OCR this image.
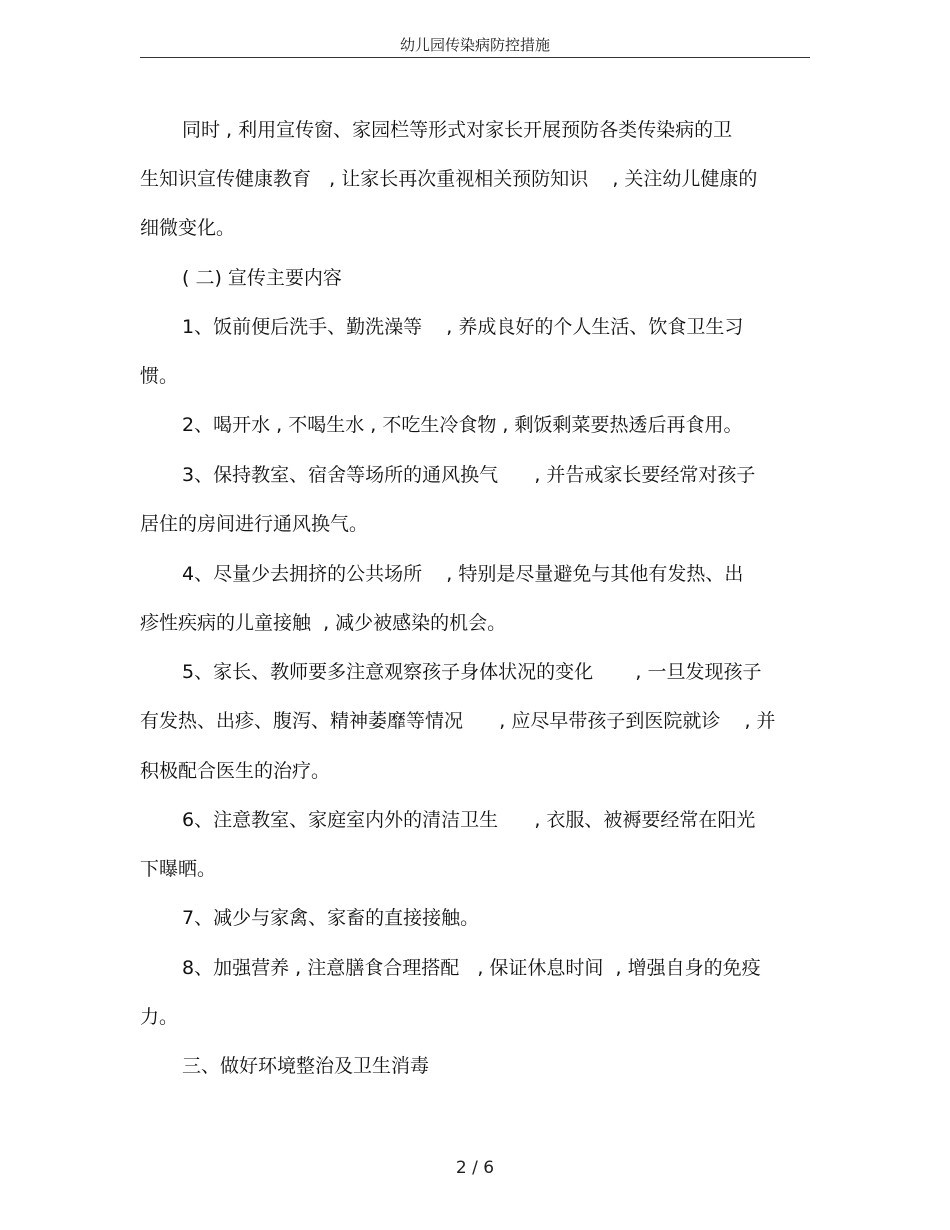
幼儿园传染病防控措施
同时 , 利用宣传窗、家园栏等形式对家长开展预防各类传染病的卫
生知识宣传健康教育   , 让家长再次重视相关预防知识    , 关注幼儿健康的
细微变化。
( 二) 宣传主要内容
1、饭前便后洗手、勤洗澡等    , 养成良好的个人生活、饮食卫生习
惯。
2、喝开水 , 不喝生水 , 不吃生冷食物 , 剩饭剩菜要热透后再食用。
3、保持教室、宿舍等场所的通风换气      , 并告戒家长要经常对孩子
居住的房间进行通风换气。
4、尽量少去拥挤的公共场所    , 特别是尽量避免与其他有发热、出
疹性疾病的儿童接触  , 减少被感染的机会。
5、家长、教师要多注意观察孩子身体状况的变化       , 一旦发现孩子
有发热、出疹、腹泻、精神萎靡等情况      , 应尽早带孩子到医院就诊    , 并
积极配合医生的治疗。
6、注意教室、家庭室内外的清洁卫生      , 衣服、被褥要经常在阳光
下曝晒。
7、减少与家禽、家畜的直接接触。
8、加强营养 , 注意膳食合理搭配   , 保证休息时间  , 增强自身的免疫
力。
三、做好环境整治及卫生消毒
2 / 6
